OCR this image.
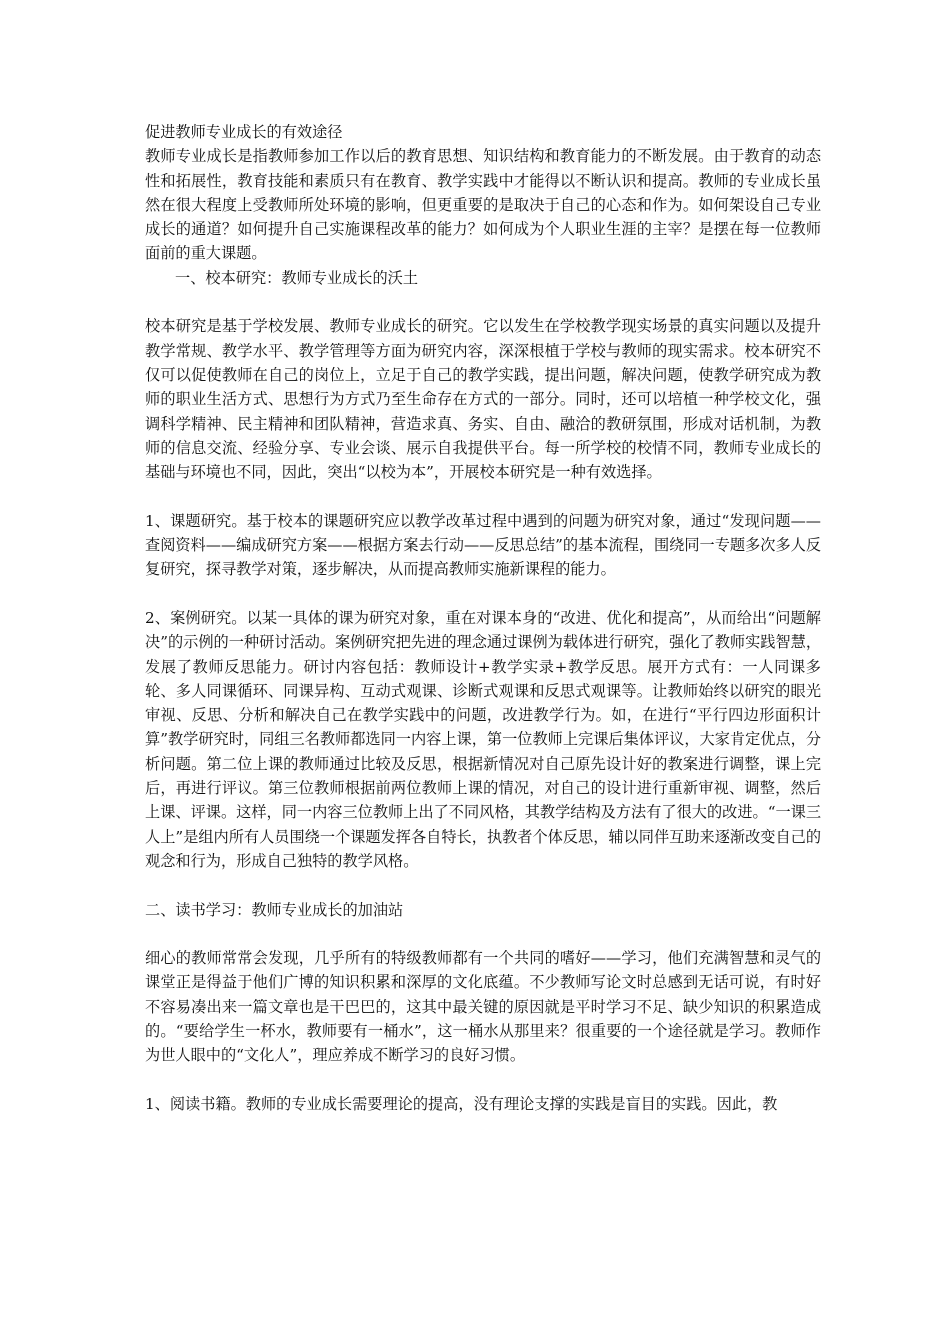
促进教师专业成长的有效途径

教师专业成长是指教师参加工作以后的教育思想、知识结构和教育能力的不断发展。由于教育的动态性和拓展性，教育技能和素质只有在教育、教学实践中才能得以不断认识和提高。教师的专业成长虽然在很大程度上受教师所处环境的影响，但更重要的是取决于自己的心态和作为。如何架设自己专业成长的通道？如何提升自己实施课程改革的能力？如何成为个人职业生涯的主宰？是摆在每一位教师面前的重大课题。

一、校本研究：教师专业成长的沃土

校本研究是基于学校发展、教师专业成长的研究。它以发生在学校教学现实场景的真实问题以及提升教学常规、教学水平、教学管理等方面为研究内容，深深根植于学校与教师的现实需求。校本研究不仅可以促使教师在自己的岗位上，立足于自己的教学实践，提出问题，解决问题，使教学研究成为教师的职业生活方式、思想行为方式乃至生命存在方式的一部分。同时，还可以培植一种学校文化，强调科学精神、民主精神和团队精神，营造求真、务实、自由、融洽的教研氛围，形成对话机制，为教师的信息交流、经验分享、专业会谈、展示自我提供平台。每一所学校的校情不同，教师专业成长的基础与环境也不同，因此，突出“以校为本”，开展校本研究是一种有效选择。

1、课题研究。基于校本的课题研究应以教学改革过程中遇到的问题为研究对象，通过“发现问题——查阅资料——编成研究方案——根据方案去行动——反思总结”的基本流程，围绕同一专题多次多人反复研究，探寻教学对策，逐步解决，从而提高教师实施新课程的能力。

2、案例研究。以某一具体的课为研究对象，重在对课本身的“改进、优化和提高”，从而给出“问题解决”的示例的一种研讨活动。案例研究把先进的理念通过课例为载体进行研究，强化了教师实践智慧，发展了教师反思能力。研讨内容包括：教师设计+教学实录+教学反思。展开方式有：一人同课多轮、多人同课循环、同课异构、互动式观课、诊断式观课和反思式观课等。让教师始终以研究的眼光审视、反思、分析和解决自己在教学实践中的问题，改进教学行为。如，在进行“平行四边形面积计算”教学研究时，同组三名教师都选同一内容上课，第一位教师上完课后集体评议，大家肯定优点，分析问题。第二位上课的教师通过比较及反思，根据新情况对自己原先设计好的教案进行调整，课上完后，再进行评议。第三位教师根据前两位教师上课的情况，对自己的设计进行重新审视、调整，然后上课、评课。这样，同一内容三位教师上出了不同风格，其教学结构及方法有了很大的改进。“一课三人上”是组内所有人员围绕一个课题发挥各自特长，执教者个体反思，辅以同伴互助来逐渐改变自己的观念和行为，形成自己独特的教学风格。

二、读书学习：教师专业成长的加油站

细心的教师常常会发现，几乎所有的特级教师都有一个共同的嗜好——学习，他们充满智慧和灵气的课堂正是得益于他们广博的知识积累和深厚的文化底蕴。不少教师写论文时总感到无话可说，有时好不容易凑出来一篇文章也是干巴巴的，这其中最关键的原因就是平时学习不足、缺少知识的积累造成的。“要给学生一杯水，教师要有一桶水”，这一桶水从那里来？很重要的一个途径就是学习。教师作为世人眼中的“文化人”，理应养成不断学习的良好习惯。

1、阅读书籍。教师的专业成长需要理论的提高，没有理论支撑的实践是盲目的实践。因此，教
